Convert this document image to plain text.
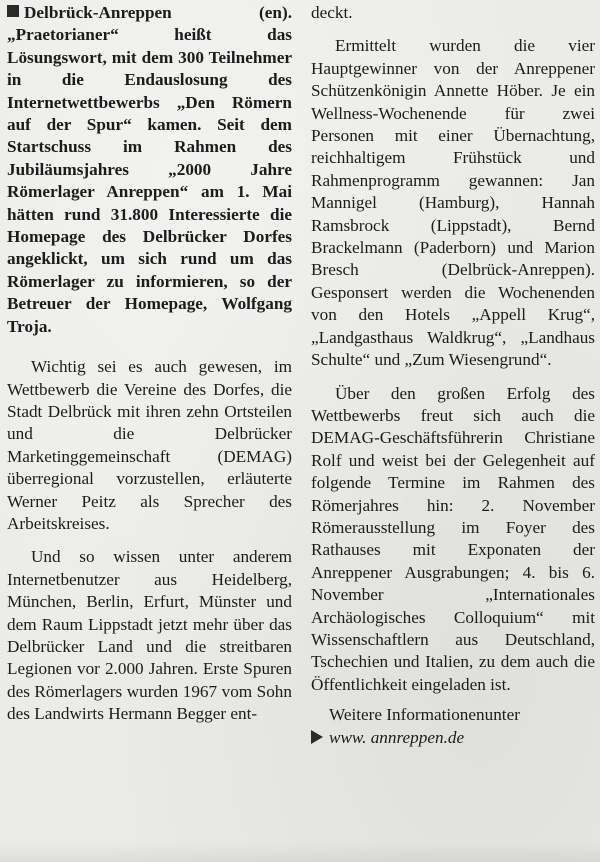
Delbrück-Anreppen (en). „Praetorianer“ heißt das Lösungswort, mit dem 300 Teilnehmer in die Endauslosung des Internetwettbewerbs „Den Römern auf der Spur“ kamen. Seit dem Startschuss im Rahmen des Jubiläumsjahres „2000 Jahre Römerlager Anreppen“ am 1. Mai hätten rund 31.800 Interessierte die Homepage des Delbrücker Dorfes angeklickt, um sich rund um das Römerlager zu informieren, so der Betreuer der Homepage, Wolfgang Troja.

Wichtig sei es auch gewesen, im Wettbewerb die Vereine des Dorfes, die Stadt Delbrück mit ihren zehn Ortsteilen und die Delbrücker Marketinggemeinschaft (DEMAG) überregional vorzustellen, erläuterte Werner Peitz als Sprecher des Arbeitskreises.

Und so wissen unter anderem Internetbenutzer aus Heidelberg, München, Berlin, Erfurt, Münster und dem Raum Lippstadt jetzt mehr über das Delbrücker Land und die streitbaren Legionen vor 2.000 Jahren. Erste Spuren des Römerlagers wurden 1967 vom Sohn des Landwirts Hermann Begger ent-

deckt.

Ermittelt wurden die vier Hauptgewinner von der Anreppener Schützenkönigin Annette Höber. Je ein Wellness-Wochenende für zwei Personen mit einer Übernachtung, reichhaltigem Frühstück und Rahmenprogramm gewannen: Jan Mannigel (Hamburg), Hannah Ramsbrock (Lippstadt), Bernd Brackelmann (Paderborn) und Marion Bresch (Delbrück-Anreppen). Gesponsert werden die Wochenenden von den Hotels „Appell Krug“, „Landgasthaus Waldkrug“, „Landhaus Schulte“ und „Zum Wiesengrund“.

Über den großen Erfolg des Wettbewerbs freut sich auch die DEMAG-Geschäftsführerin Christiane Rolf und weist bei der Gelegenheit auf folgende Termine im Rahmen des Römerjahres hin: 2. November Römerausstellung im Foyer des Rathauses mit Exponaten der Anreppener Ausgrabungen; 4. bis 6. November „Internationales Archäologisches Colloquium“ mit Wissenschaftlern aus Deutschland, Tschechien und Italien, zu dem auch die Öffentlichkeit eingeladen ist.

Weitere Informationenunter

www. annreppen.de
